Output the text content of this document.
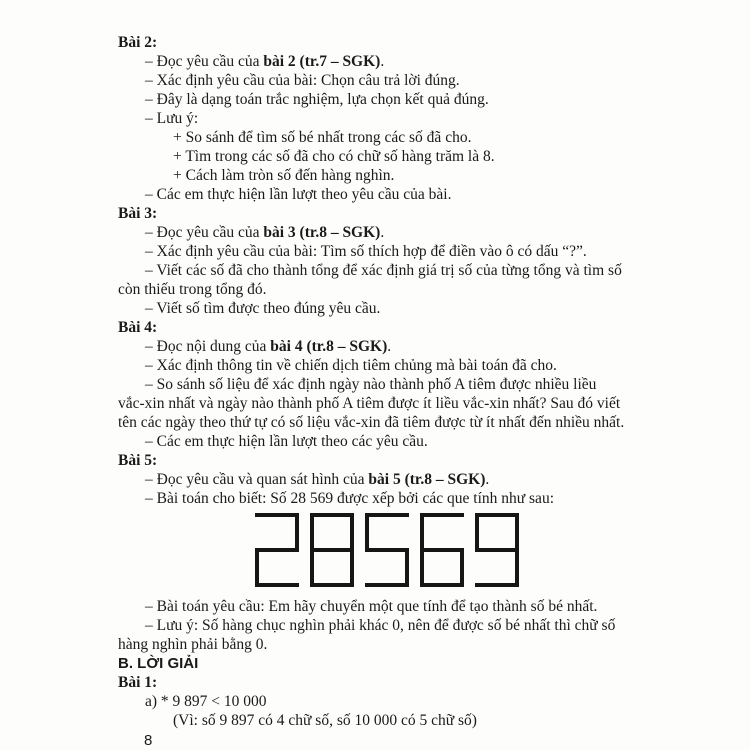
Bài 2:
– Đọc yêu cầu của bài 2 (tr.7 – SGK).
– Xác định yêu cầu của bài: Chọn câu trả lời đúng.
– Đây là dạng toán trắc nghiệm, lựa chọn kết quả đúng.
– Lưu ý:
+ So sánh để tìm số bé nhất trong các số đã cho.
+ Tìm trong các số đã cho có chữ số hàng trăm là 8.
+ Cách làm tròn số đến hàng nghìn.
– Các em thực hiện lần lượt theo yêu cầu của bài.
Bài 3:
– Đọc yêu cầu của bài 3 (tr.8 – SGK).
– Xác định yêu cầu của bài: Tìm số thích hợp để điền vào ô có dấu “?”.
– Viết các số đã cho thành tổng để xác định giá trị số của từng tổng và tìm số
còn thiếu trong tổng đó.
– Viết số tìm được theo đúng yêu cầu.
Bài 4:
– Đọc nội dung của bài 4 (tr.8 – SGK).
– Xác định thông tin về chiến dịch tiêm chủng mà bài toán đã cho.
– So sánh số liệu để xác định ngày nào thành phố A tiêm được nhiều liều
vắc-xin nhất và ngày nào thành phố A tiêm được ít liều vắc-xin nhất? Sau đó viết
tên các ngày theo thứ tự có số liệu vắc-xin đã tiêm được từ ít nhất đến nhiều nhất.
– Các em thực hiện lần lượt theo các yêu cầu.
Bài 5:
– Đọc yêu cầu và quan sát hình của bài 5 (tr.8 – SGK).
– Bài toán cho biết: Số 28 569 được xếp bởi các que tính như sau:
– Bài toán yêu cầu: Em hãy chuyển một que tính để tạo thành số bé nhất.
– Lưu ý: Số hàng chục nghìn phải khác 0, nên để được số bé nhất thì chữ số
hàng nghìn phải bằng 0.
B. LỜI GIẢI
Bài 1:
a) * 9 897 < 10 000
(Vì: số 9 897 có 4 chữ số, số 10 000 có 5 chữ số)
8
